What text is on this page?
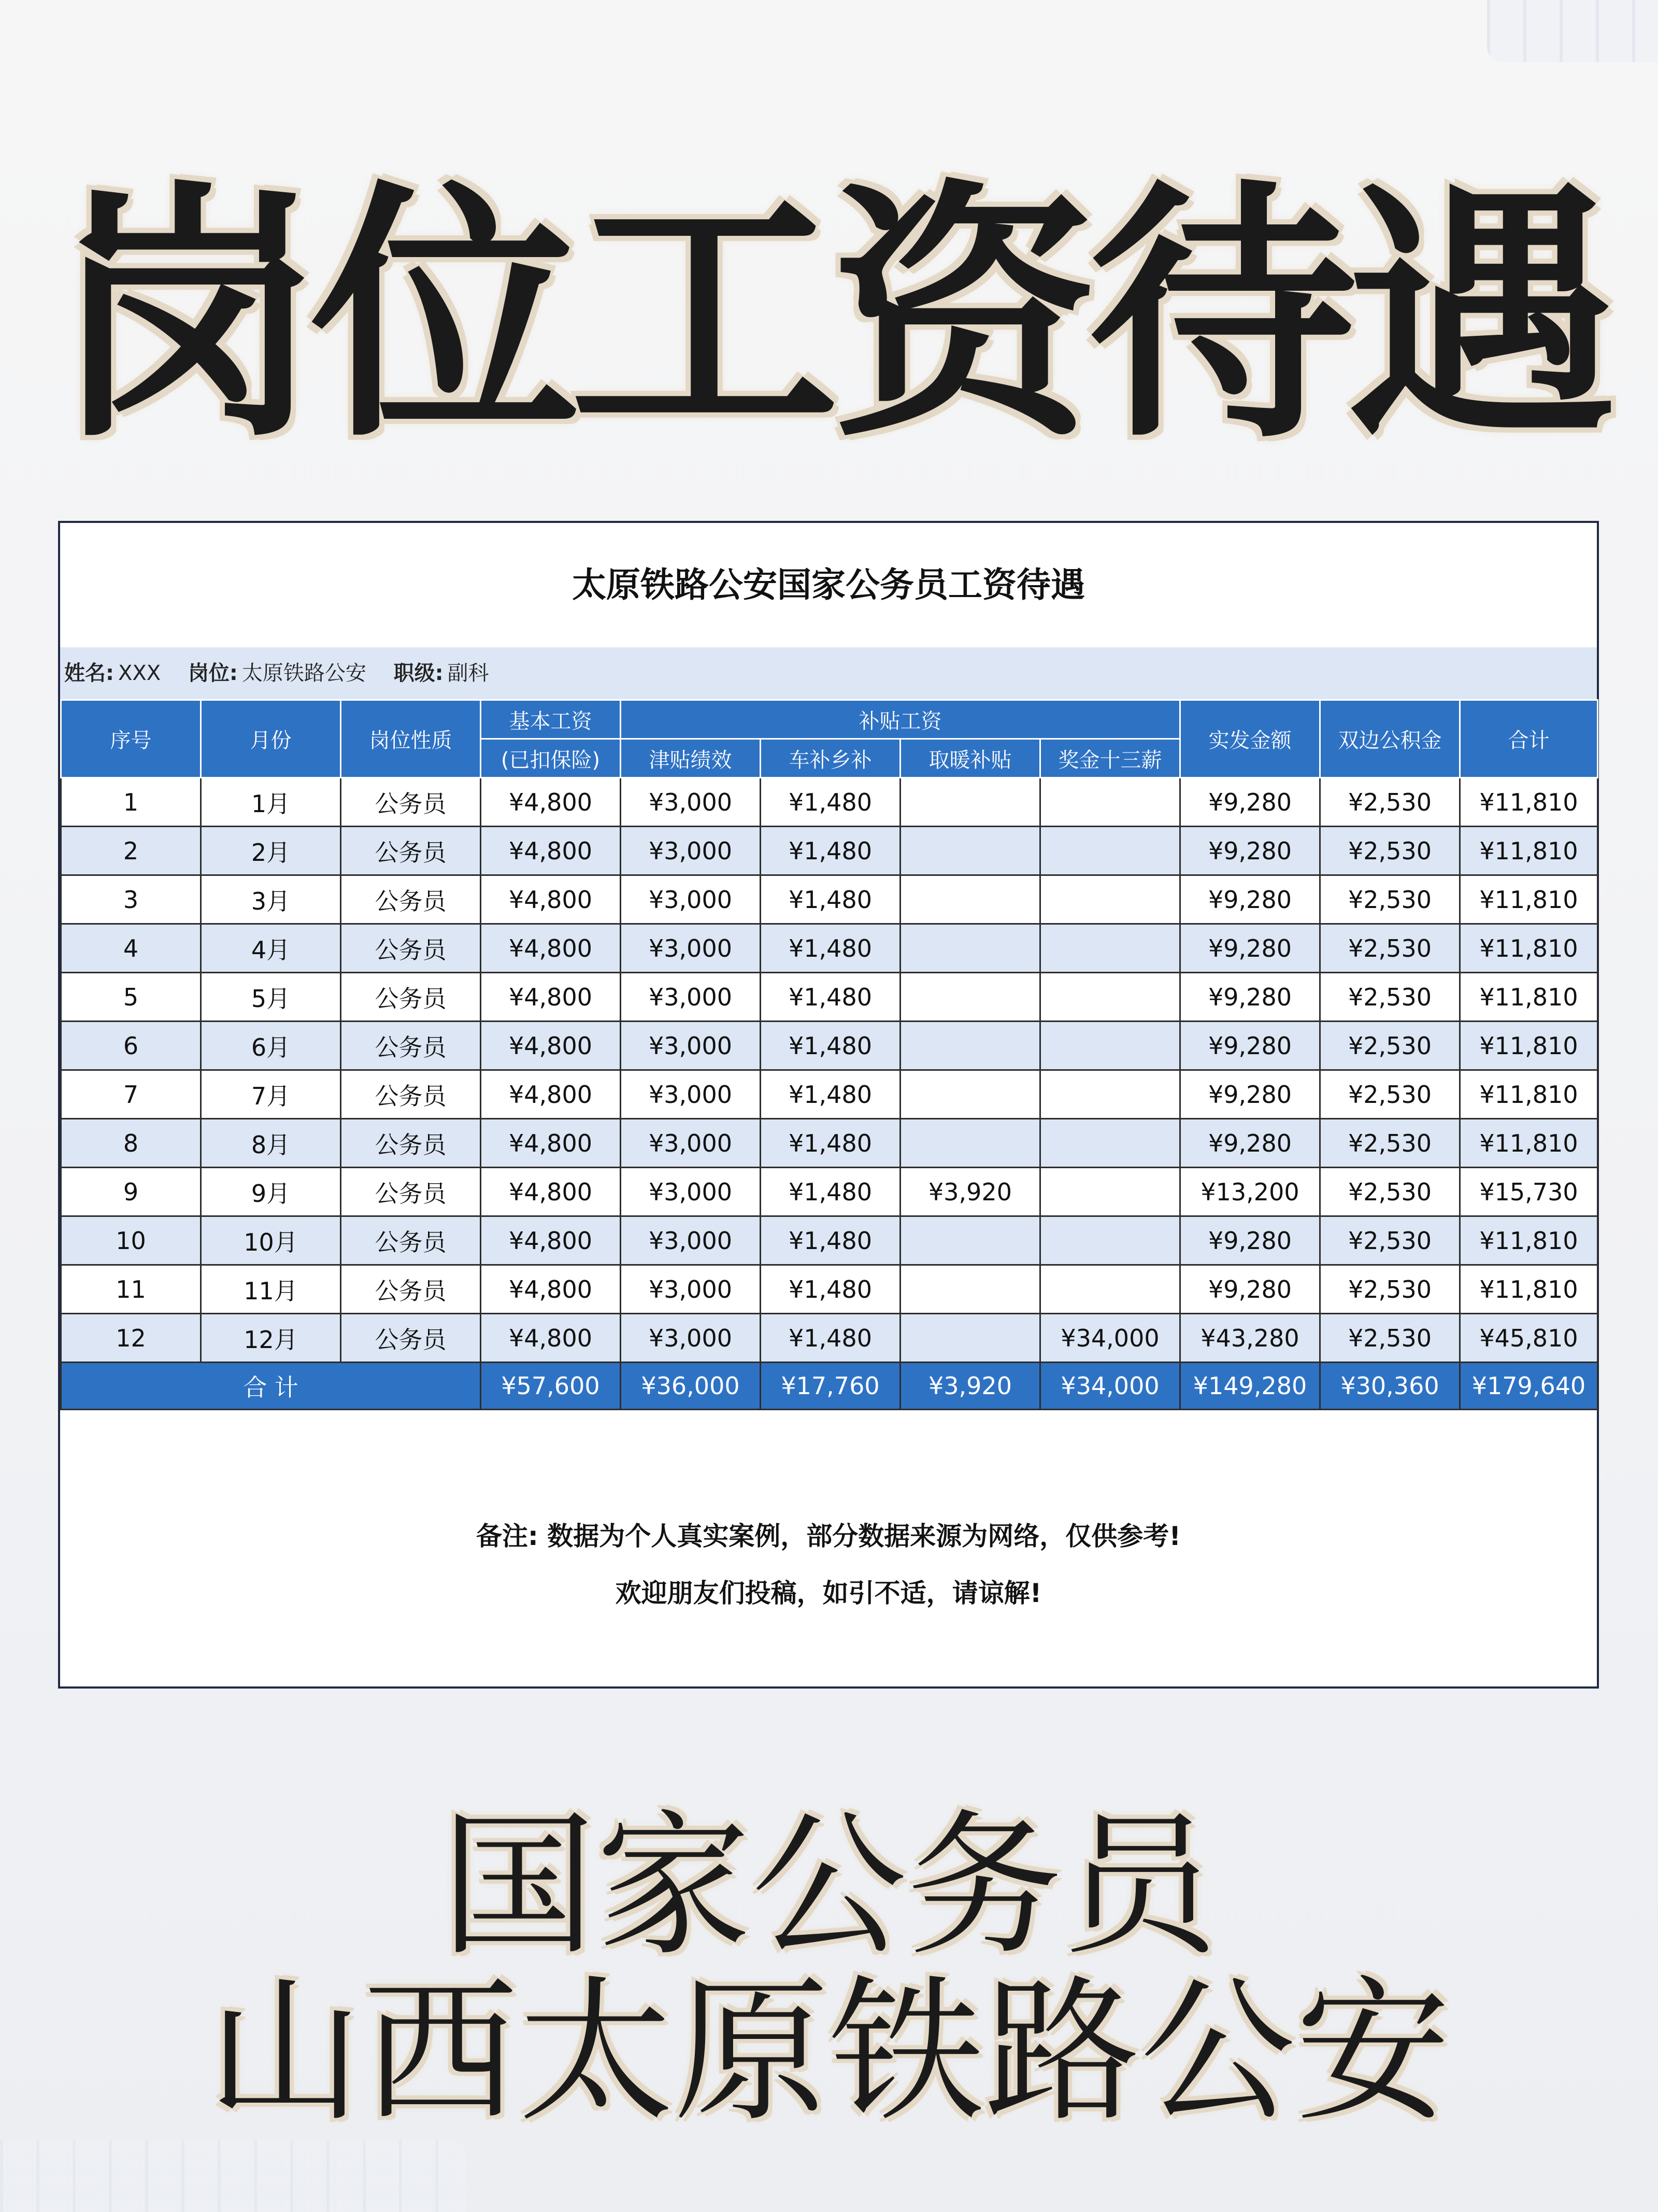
岗位工资待遇
太原铁路公安国家公务员工资待遇
姓名: XXX 岗位: 太原铁路公安 职级: 副科
序号	月份	岗位性质	基本工资	补贴工资				实发金额	双边公积金	合计
			(已扣保险)	津贴绩效	车补乡补	取暖补贴	奖金十三薪			
1	1月	公务员	¥4,800	¥3,000	¥1,480			¥9,280	¥2,530	¥11,810
2	2月	公务员	¥4,800	¥3,000	¥1,480			¥9,280	¥2,530	¥11,810
3	3月	公务员	¥4,800	¥3,000	¥1,480			¥9,280	¥2,530	¥11,810
4	4月	公务员	¥4,800	¥3,000	¥1,480			¥9,280	¥2,530	¥11,810
5	5月	公务员	¥4,800	¥3,000	¥1,480			¥9,280	¥2,530	¥11,810
6	6月	公务员	¥4,800	¥3,000	¥1,480			¥9,280	¥2,530	¥11,810
7	7月	公务员	¥4,800	¥3,000	¥1,480			¥9,280	¥2,530	¥11,810
8	8月	公务员	¥4,800	¥3,000	¥1,480			¥9,280	¥2,530	¥11,810
9	9月	公务员	¥4,800	¥3,000	¥1,480	¥3,920		¥13,200	¥2,530	¥15,730
10	10月	公务员	¥4,800	¥3,000	¥1,480			¥9,280	¥2,530	¥11,810
11	11月	公务员	¥4,800	¥3,000	¥1,480			¥9,280	¥2,530	¥11,810
12	12月	公务员	¥4,800	¥3,000	¥1,480		¥34,000	¥43,280	¥2,530	¥45,810
合 计			¥57,600	¥36,000	¥17,760	¥3,920	¥34,000	¥149,280	¥30,360	¥179,640
备注: 数据为个人真实案例，部分数据来源为网络，仅供参考!
欢迎朋友们投稿，如引不适，请谅解!
国家公务员
山西太原铁路公安
